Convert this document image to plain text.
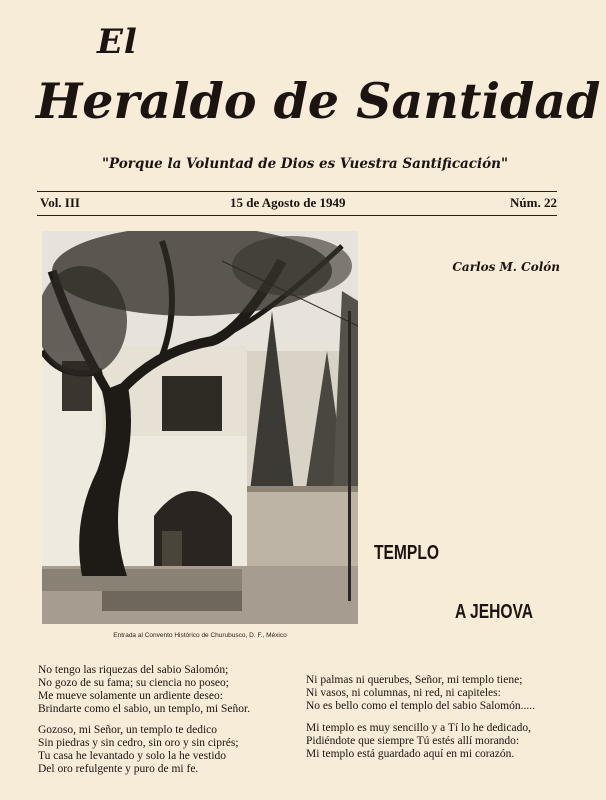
El
Heraldo de Santidad
"Porque la Voluntad de Dios es Vuestra Santificación"
Vol. III	15 de Agosto de 1949	Núm. 22
Entrada al Convento Histórico de Churubusco, D. F., México
Carlos M. Colón
TEMPLO
A JEHOVA
No tengo las riquezas del sabio Salomón;
No gozo de su fama; su ciencia no poseo;
Me mueve solamente un ardiente deseo:
Brindarte como el sabio, un templo, mi Señor.
Gozoso, mi Señor, un templo te dedico
Sin piedras y sin cedro, sin oro y sin ciprés;
Tu casa he levantado y solo la he vestido
Del oro refulgente y puro de mi fe.
Ni palmas ni querubes, Señor, mi templo tiene;
Ni vasos, ni columnas, ni red, ni capiteles:
No es bello como el templo del sabio Salomón.....
Mi templo es muy sencillo y a Tí lo he dedicado,
Pidiéndote que siempre Tú estés allí morando:
Mi templo está guardado aquí en mi corazón.
